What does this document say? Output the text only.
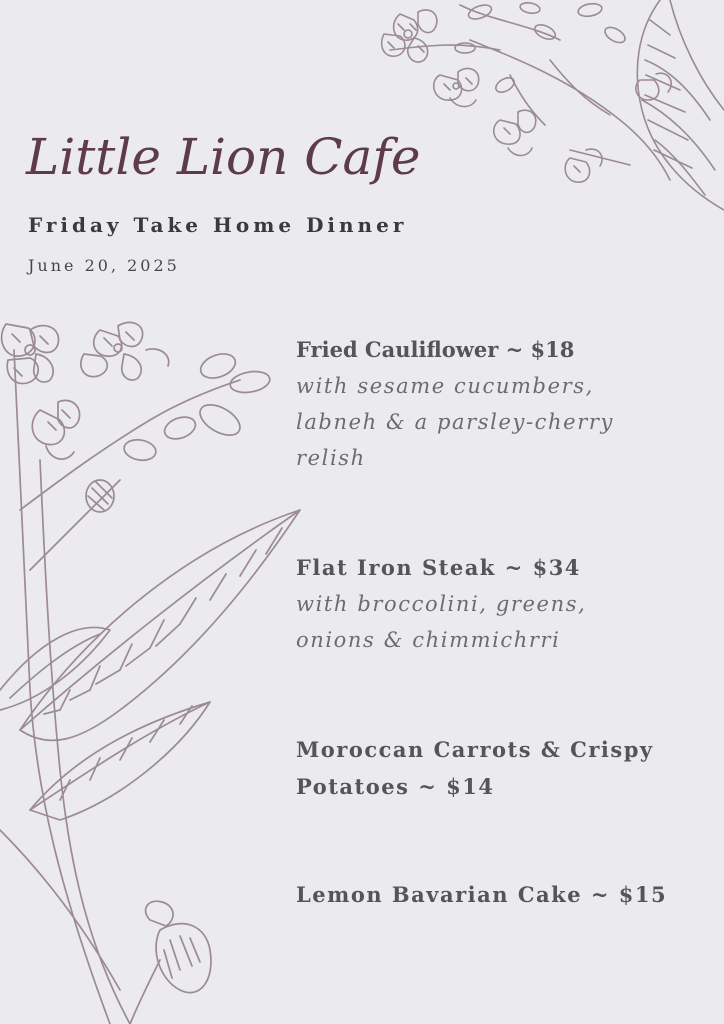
Little Lion Cafe
Friday Take Home Dinner
June 20, 2025
Fried Cauliflower ~ $18
with sesame cucumbers,
labneh & a parsley-cherry
relish
Flat Iron Steak ~ $34
with broccolini, greens,
onions & chimmichrri
Moroccan Carrots & Crispy
Potatoes ~ $14
Lemon Bavarian Cake ~ $15
